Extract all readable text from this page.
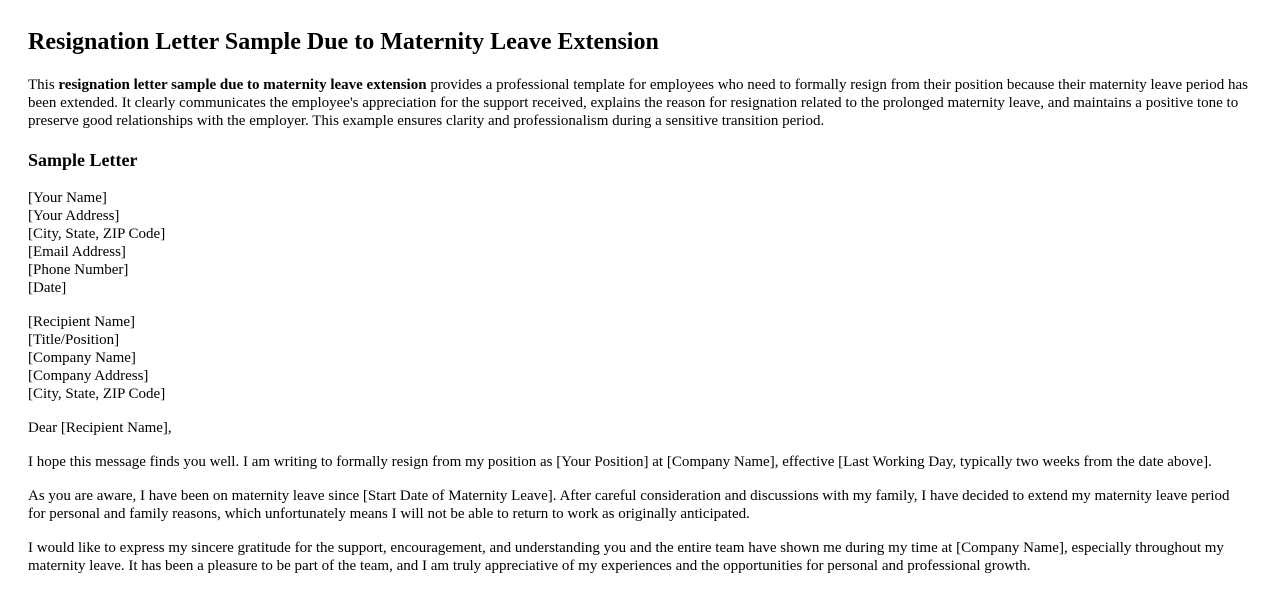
Resignation Letter Sample Due to Maternity Leave Extension

This resignation letter sample due to maternity leave extension provides a professional template for employees who need to formally resign from their position because their maternity leave period has been extended. It clearly communicates the employee's appreciation for the support received, explains the reason for resignation related to the prolonged maternity leave, and maintains a positive tone to preserve good relationships with the employer. This example ensures clarity and professionalism during a sensitive transition period.

Sample Letter
[Your Name]
[Your Address]
[City, State, ZIP Code]
[Email Address]
[Phone Number]
[Date]
[Recipient Name]
[Title/Position]
[Company Name]
[Company Address]
[City, State, ZIP Code]

Dear [Recipient Name],

I hope this message finds you well. I am writing to formally resign from my position as [Your Position] at [Company Name], effective [Last Working Day, typically two weeks from the date above].

As you are aware, I have been on maternity leave since [Start Date of Maternity Leave]. After careful consideration and discussions with my family, I have decided to extend my maternity leave period for personal and family reasons, which unfortunately means I will not be able to return to work as originally anticipated.

I would like to express my sincere gratitude for the support, encouragement, and understanding you and the entire team have shown me during my time at [Company Name], especially throughout my maternity leave. It has been a pleasure to be part of the team, and I am truly appreciative of my experiences and the opportunities for personal and professional growth.
